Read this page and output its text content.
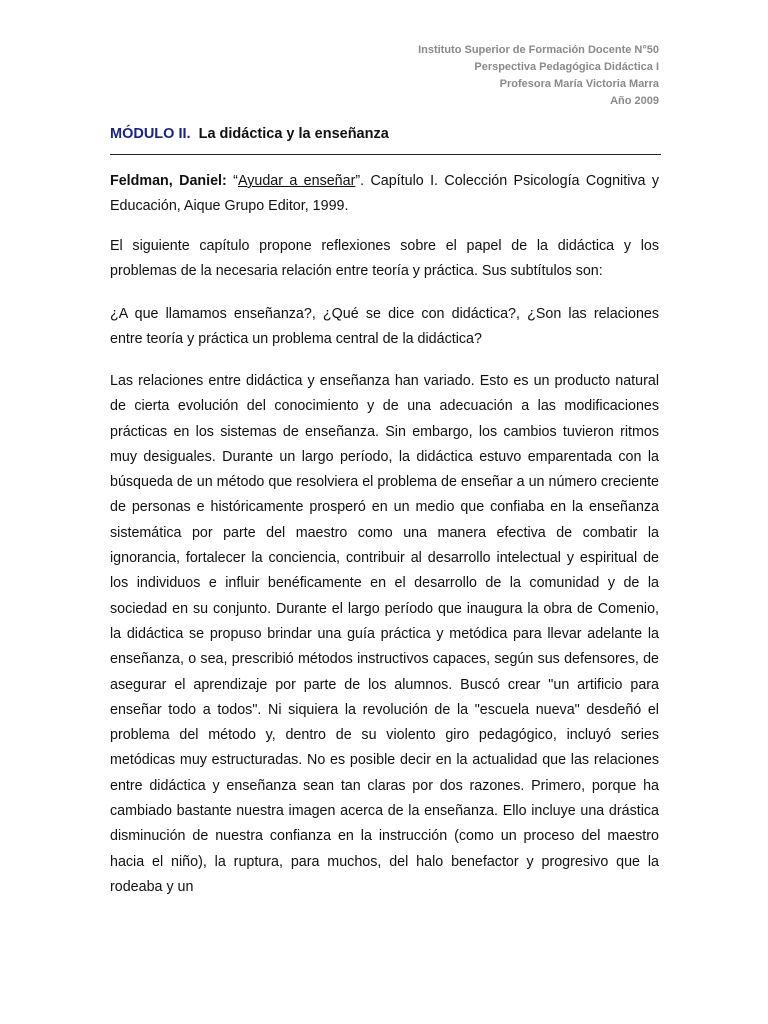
Instituto Superior de Formación Docente N°50
Perspectiva Pedagógica Didáctica I
Profesora María Victoria Marra
Año 2009
MÓDULO II. La didáctica y la enseñanza

Feldman, Daniel: “Ayudar a enseñar”. Capítulo I. Colección Psicología Cognitiva y Educación, Aique Grupo Editor, 1999.

El siguiente capítulo propone reflexiones sobre el papel de la didáctica y los problemas de la necesaria relación entre teoría y práctica. Sus subtítulos son:

¿A que llamamos enseñanza?, ¿Qué se dice con didáctica?, ¿Son las relaciones entre teoría y práctica un problema central de la didáctica?

Las relaciones entre didáctica y enseñanza han variado. Esto es un producto natural de cierta evolución del conocimiento y de una adecuación a las modificaciones prácticas en los sistemas de enseñanza. Sin embargo, los cambios tuvieron ritmos muy desiguales. Durante un largo período, la didáctica estuvo emparentada con la búsqueda de un método que resolviera el problema de enseñar a un número creciente de personas e históricamente prosperó en un medio que confiaba en la enseñanza sistemática por parte del maestro como una manera efectiva de combatir la ignorancia, fortalecer la conciencia, contribuir al desarrollo intelectual y espiritual de los individuos e influir benéficamente en el desarrollo de la comunidad y de la sociedad en su conjunto. Durante el largo período que inaugura la obra de Comenio, la didáctica se propuso brindar una guía práctica y metódica para llevar adelante la enseñanza, o sea, prescribió métodos instructivos capaces, según sus defensores, de asegurar el aprendizaje por parte de los alumnos. Buscó crear "un artificio para enseñar todo a todos". Ni siquiera la revolución de la "escuela nueva" desdeñó el problema del método y, dentro de su violento giro pedagógico, incluyó series metódicas muy estructuradas. No es posible decir en la actualidad que las relaciones entre didáctica y enseñanza sean tan claras por dos razones. Primero, porque ha cambiado bastante nuestra imagen acerca de la enseñanza. Ello incluye una drástica disminución de nuestra confianza en la instrucción (como un proceso del maestro hacia el niño), la ruptura, para muchos, del halo benefactor y progresivo que la rodeaba y un
